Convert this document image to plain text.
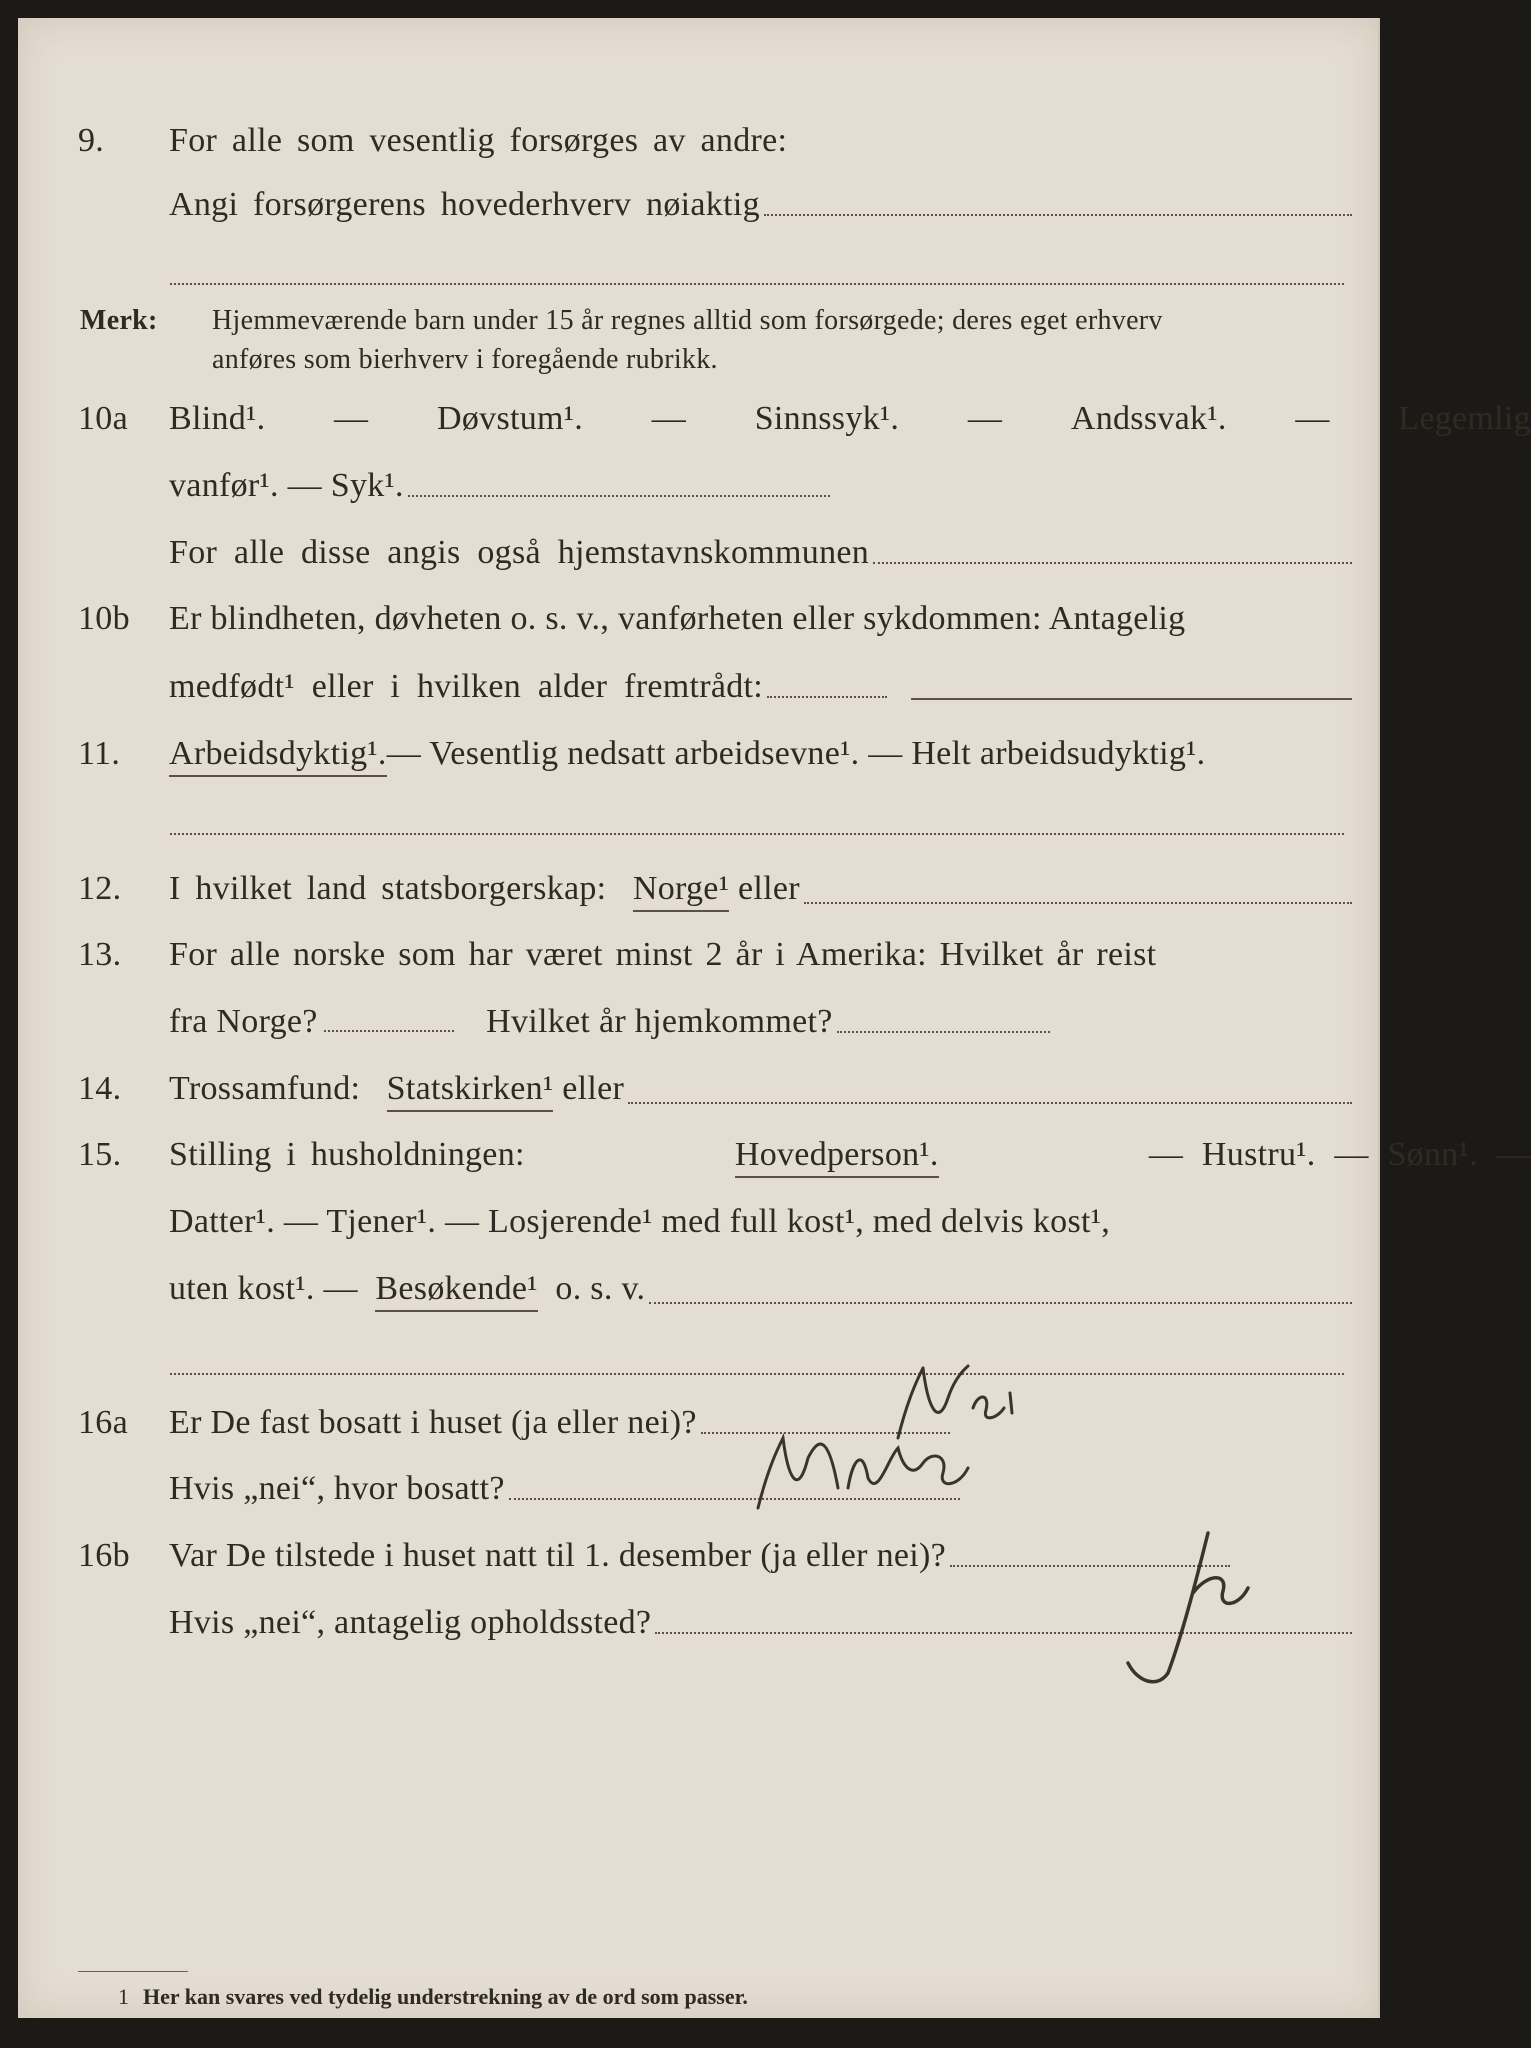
9. For alle som vesentlig forsørges av andre:
Angi forsørgerens hovederhverv nøiaktig
Merk: Hjemmeværende barn under 15 år regnes alltid som forsørgede; deres eget erhverv
anføres som bierhverv i foregående rubrikk.
10a Blind¹. — Døvstum¹. — Sinnssyk¹. — Andssvak¹. — Legemlig
vanfør¹. — Syk¹.
For alle disse angis også hjemstavnskommunen
10b Er blindheten, døvheten o. s. v., vanførheten eller sykdommen: Antagelig
medfødt¹ eller i hvilken alder fremtrådt:
11. Arbeidsdyktig¹. — Vesentlig nedsatt arbeidsevne¹. — Helt arbeidsudyktig¹.
12. I hvilket land statsborgerskap:
Norge¹
eller
13. For alle norske som har været minst 2 år i Amerika: Hvilket år reist
fra Norge?
	Hvilket år hjemkommet?
14. Trossamfund:
Statskirken¹
eller
15. Stilling i husholdningen:	Hovedperson¹.	— Hustru¹. — Sønn¹. —
Datter¹. — Tjener¹. — Losjerende¹ med full kost¹, med delvis kost¹,
uten kost¹. —
Besøkende¹
o. s. v.
16a Er De fast bosatt i huset (ja eller nei)?
Hvis „nei“, hvor bosatt?
16b Var De tilstede i huset natt til 1. desember (ja eller nei)?
Hvis „nei“, antagelig opholdssted?
1 Her kan svares ved tydelig understrekning av de ord som passer.
